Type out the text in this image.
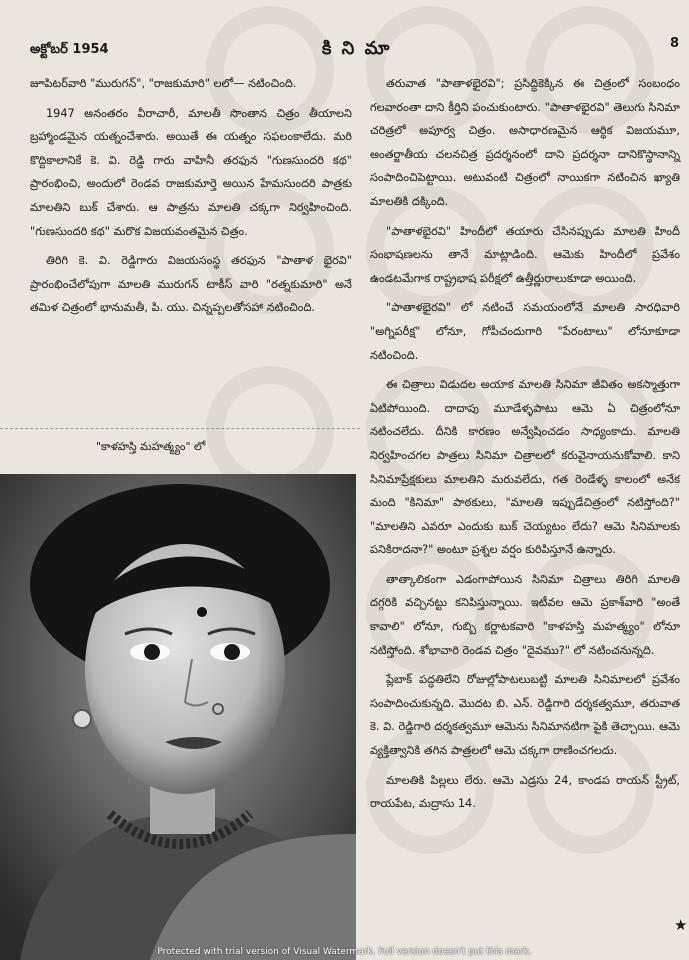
అక్టోబర్ 1954	కి ని మా	8

జూపిటర్‌వారి "మురుగన్", "రాజకుమారి" లలో— నటించింది.

1947 అనంతరం వీరాచారీ, మాలతీ సొంతాన చిత్రం తీయాలని బ్రహ్మాండమైన యత్నంచేశారు. అయితే ఈ యత్నం సఫలంకాలేదు. మరి కొద్దికాలానికే కె. వి. రెడ్డి గారు వాహినీ తరఫున "గుణసుందరి కథ" ప్రారంభించి, అందులో రెండవ రాజకుమార్తె అయిన హేమసుందరి పాత్రకు మాలతిని బుక్ చేశారు. ఆ పాత్రను మాలతి చక్కగా నిర్వహించింది. "గుణసుందరి కథ" మరొక విజయవంతమైన చిత్రం.

తిరిగి కె. వి. రెడ్డిగారు విజయసంస్థ తరఫున "పాతాళ భైరవి" ప్రారంభించేలోపుగా మాలతి మురుగన్ టాకీస్ వారి "రత్నకుమారి" అనే తమిళ చిత్రంలో భానుమతీ, పి. యు. చిన్నప్పలతోసహా నటించింది.

"కాళహస్తి మహత్మ్యం" లో

తరువాత "పాతాళభైరవి"; ప్రసిద్ధికెక్కిన ఈ చిత్రంలో సంబంధం గలవారంతా దాని కీర్తిని పంచుకుంటారు. "పాతాళభైరవి" తెలుగు సినిమా చరిత్రలో అపూర్వ చిత్రం. అసాధారణమైన ఆర్థిక విజయమూ, అంతర్జాతీయ చలనచిత్ర ప్రదర్శనంలో దాని ప్రదర్శనా దానికొస్థానాన్ని సంపాదించిపెట్టాయి. అటువంటి చిత్రంలో నాయికగా నటించిన ఖ్యాతి మాలతికి దక్కింది.

"పాతాళభైరవి" హిందీలో తయారు చేసినప్పుడు మాలతి హిందీ సంభాషణలను తానే మాట్లాడింది. ఆమెకు హిందీలో ప్రవేశం ఉండటమేగాక రాష్ట్రభాష పరీక్షలో ఉత్తీర్ణురాలుకూడా అయింది.

"పాతాళభైరవి" లో నటించే సమయంలోనే మాలతి సారధివారి "అగ్నిపరీక్ష" లోనూ, గోపీచందుగారి "పేరంటాలు" లోనూకూడా నటించింది.

ఈ చిత్రాలు విడుదల అయాక మాలతి సినిమా జీవితం అకస్మాత్తుగా ఏటిపోయింది. దాదాపు మూడేళ్ళపాటు ఆమె ఏ చిత్రంలోనూ నటించలేదు. దీనికి కారణం అన్వేషించడం సాధ్యంకాదు. మాలతి నిర్వహించగల పాత్రలు సినిమా చిత్రాలలో కరువైనాయనుకోవాలి. కాని సినిమాప్రేక్షకులు మాలతిని మరువలేదు, గత రెండేళ్ళ కాలంలో అనేక మంది "కినిమా" పాఠకులు, "మాలతి ఇప్పుడేచిత్రంలో నటిస్తోంది?" "మాలతిని ఎవరూ ఎందుకు బుక్ చెయ్యటం లేదు? ఆమె సినిమాలకు పనికిరాదనా?" అంటూ ప్రశ్నల వర్షం కురిపిస్తూనే ఉన్నారు.

తాత్కాలికంగా ఎడంగాపోయిన సినిమా చిత్రాలు తిరిగి మాలతి దగ్గరికి వచ్చినట్టు కనిపిస్తున్నాయి. ఇటీవల ఆమె ప్రకాశ్‌వారి "అంతే కావాలి" లోనూ, గుబ్బి కర్ణాటకవారి "కాళహస్తి మహత్మ్యం" లోనూ నటిస్తోంది. శోభావారి రెండవ చిత్రం "దైవము?" లో నటించనున్నది.

ప్లేబాక్ పద్ధతిలేని రోజుల్లోపాటలుబట్టి మాలతి సినిమాలలో ప్రవేశం సంపాదించుకున్నది. మొదట బి. ఎన్. రెడ్డిగారి దర్శకత్వమూ, తరువాత కె. వి. రెడ్డిగారి దర్శకత్వమూ ఆమెను సినిమానటిగా పైకి తెచ్చాయి. ఆమె వ్యక్తిత్వానికి తగిన పాత్రలలో ఆమె చక్కగా రాణించగలదు.

మాలతికి పిల్లలు లేరు. ఆమె ఎడ్రసు 24, కాండప రాయన్ స్ట్రీట్, రాయపేట, మద్రాసు 14.

★
Protected with trial version of Visual Watermark. Full version doesn't put this mark.
